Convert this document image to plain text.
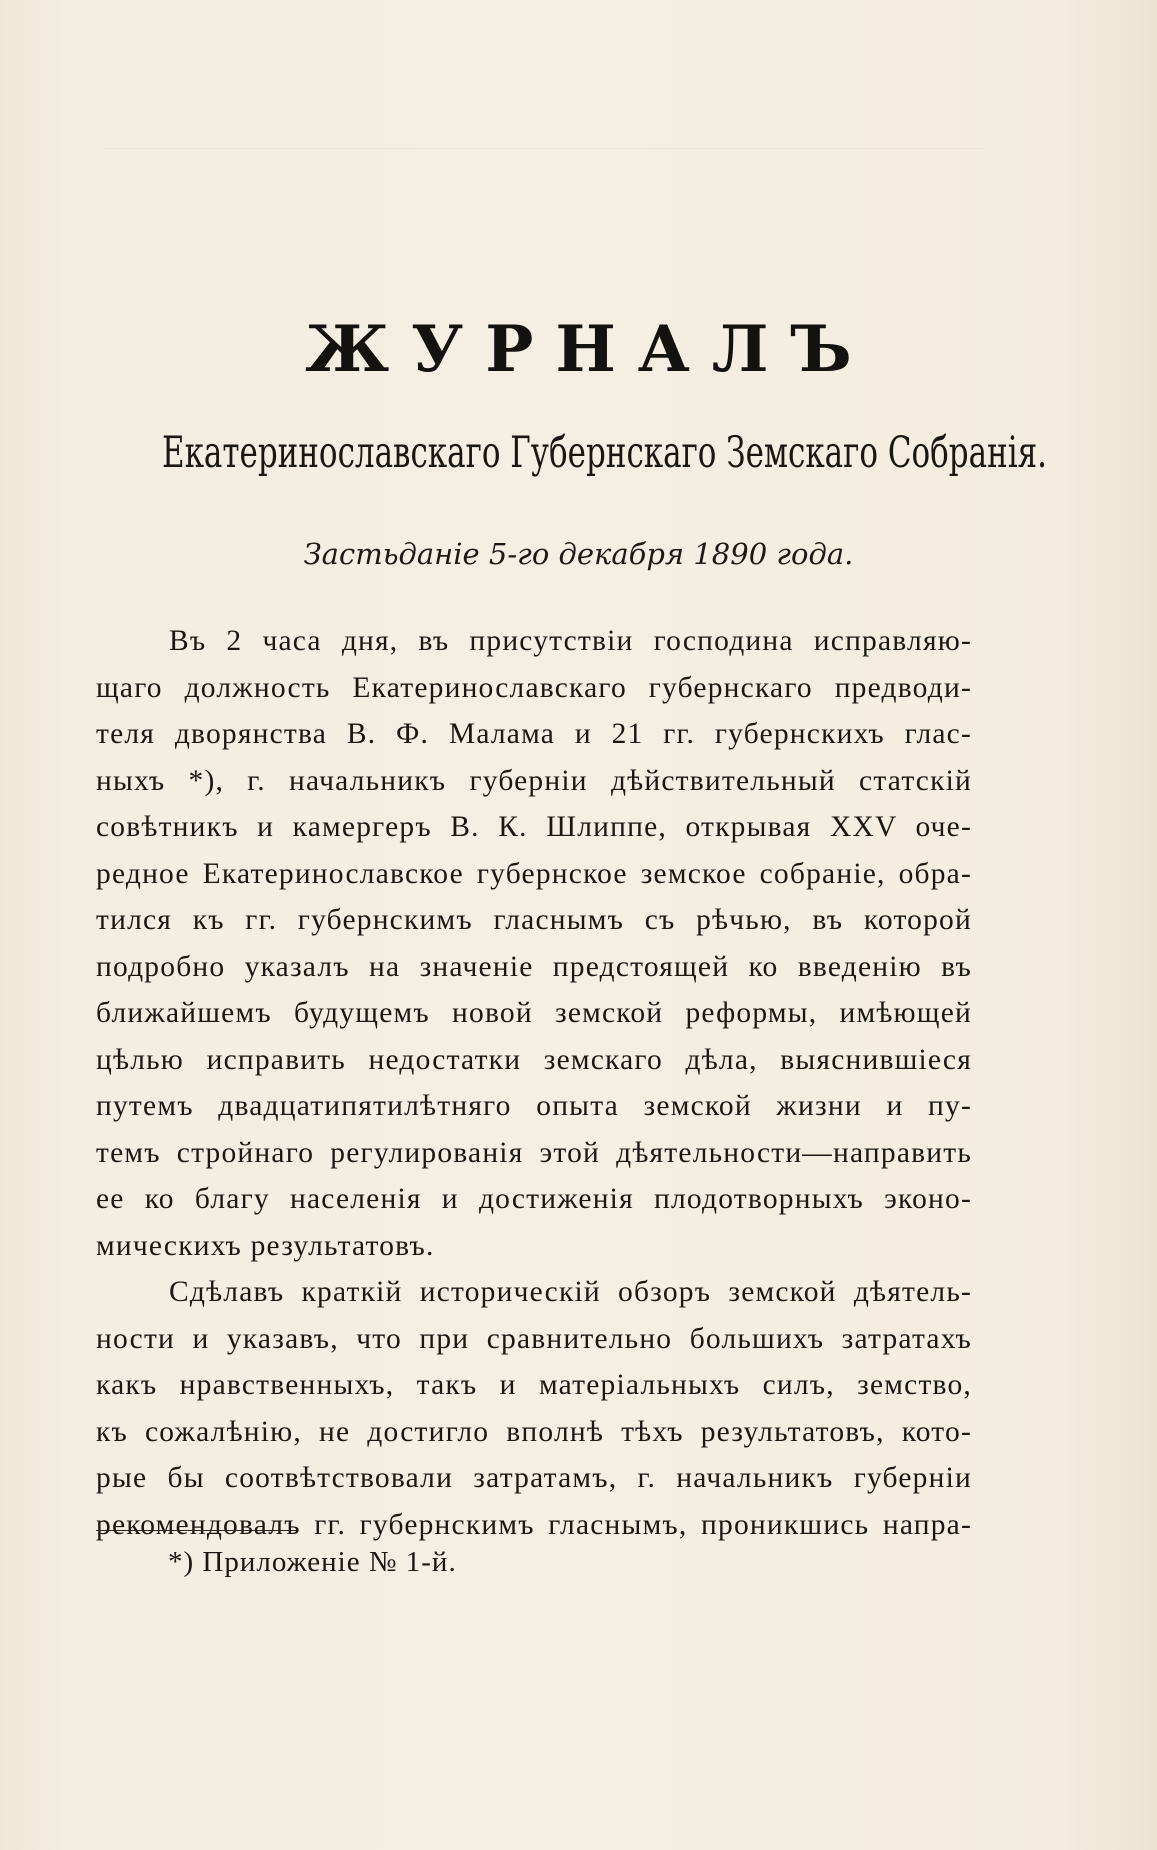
ЖУРНАЛЪ
Екатеринославскаго Губернскаго Земскаго Собранія.
Застьданіе 5-го декабря 1890 года.

Въ 2 часа дня, въ присутствіи господина исправляю-
щаго должность Екатеринославскаго губернскаго предводи-
теля дворянства В. Ф. Малама и 21 гг. губернскихъ глас-
ныхъ *), г. начальникъ губерніи дѣйствительный статскій
совѣтникъ и камергеръ В. К. Шлиппе, открывая XXV оче-
редное Екатеринославское губернское земское собраніе, обра-
тился къ гг. губернскимъ гласнымъ съ рѣчью, въ которой
подробно указалъ на значеніе предстоящей ко введенію въ
ближайшемъ будущемъ новой земской реформы, имѣющей
цѣлью исправить недостатки земскаго дѣла, выяснившіеся
путемъ двадцатипятилѣтняго опыта земской жизни и пу-
темъ стройнаго регулированія этой дѣятельности—направить
ее ко благу населенія и достиженія плодотворныхъ эконо-
мическихъ результатовъ.

Сдѣлавъ краткій историческій обзоръ земской дѣятель-
ности и указавъ, что при сравнительно большихъ затратахъ
какъ нравственныхъ, такъ и матеріальныхъ силъ, земство,
къ сожалѣнію, не достигло вполнѣ тѣхъ результатовъ, кото-
рые бы соотвѣтствовали затратамъ, г. начальникъ губерніи
рекомендовалъ гг. губернскимъ гласнымъ, проникшись напра-

*) Приложеніе № 1-й.
